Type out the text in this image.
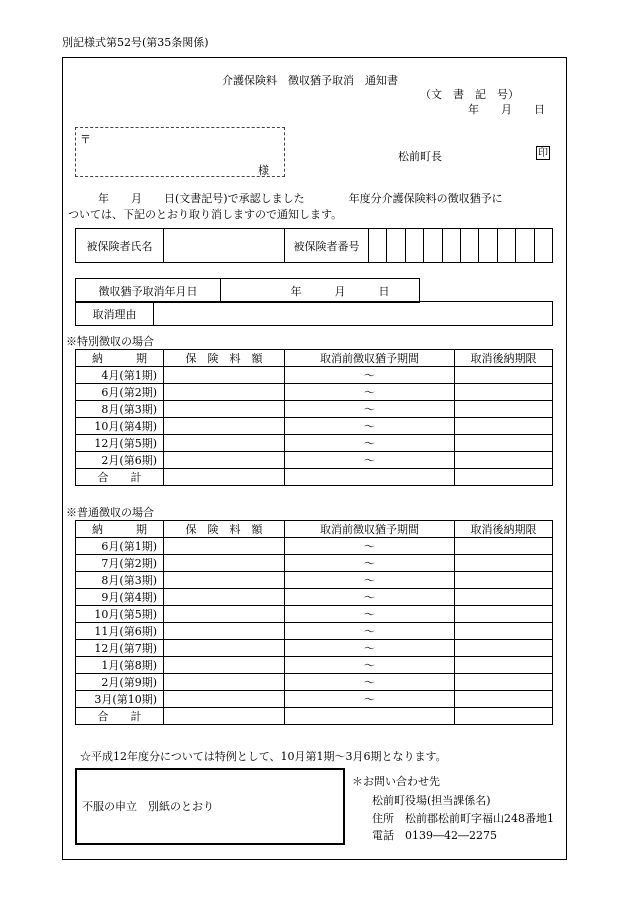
別記様式第52号(第35条関係)
介護保険料　徴収猶予取消　通知書
（文　書　記　号）
年　　月　　日
〒
様
松前町長	印
　　年　　月　　日(文書記号)で承認しました　　　　年度分介護保険料の徴収猶予に
ついては、下記のとおり取り消しますので通知します。
被保険者氏名		被保険者番号										
徴収猶予取消年月日	年　　　月　　　日
取消理由	
※特別徴収の場合
納　　　期	保　険　料　額	取消前徴収猶予期間	取消後納期限
4月(第1期)		～	
6月(第2期)		～	
8月(第3期)		～	
10月(第4期)		～	
12月(第5期)		～	
2月(第6期)		～	
合　　計			
※普通徴収の場合
納　　　期	保　険　料　額	取消前徴収猶予期間	取消後納期限
6月(第1期)		～	
7月(第2期)		～	
8月(第3期)		～	
9月(第4期)		～	
10月(第5期)		～	
11月(第6期)		～	
12月(第7期)		～	
1月(第8期)		～	
2月(第9期)		～	
3月(第10期)		～	
合　　計			
☆平成12年度分については特例として、10月第1期～3月6期となります。
不服の申立　別紙のとおり
＊お問い合わせ先
松前町役場(担当課係名)
住所　松前郡松前町字福山248番地1
電話　0139―42―2275
